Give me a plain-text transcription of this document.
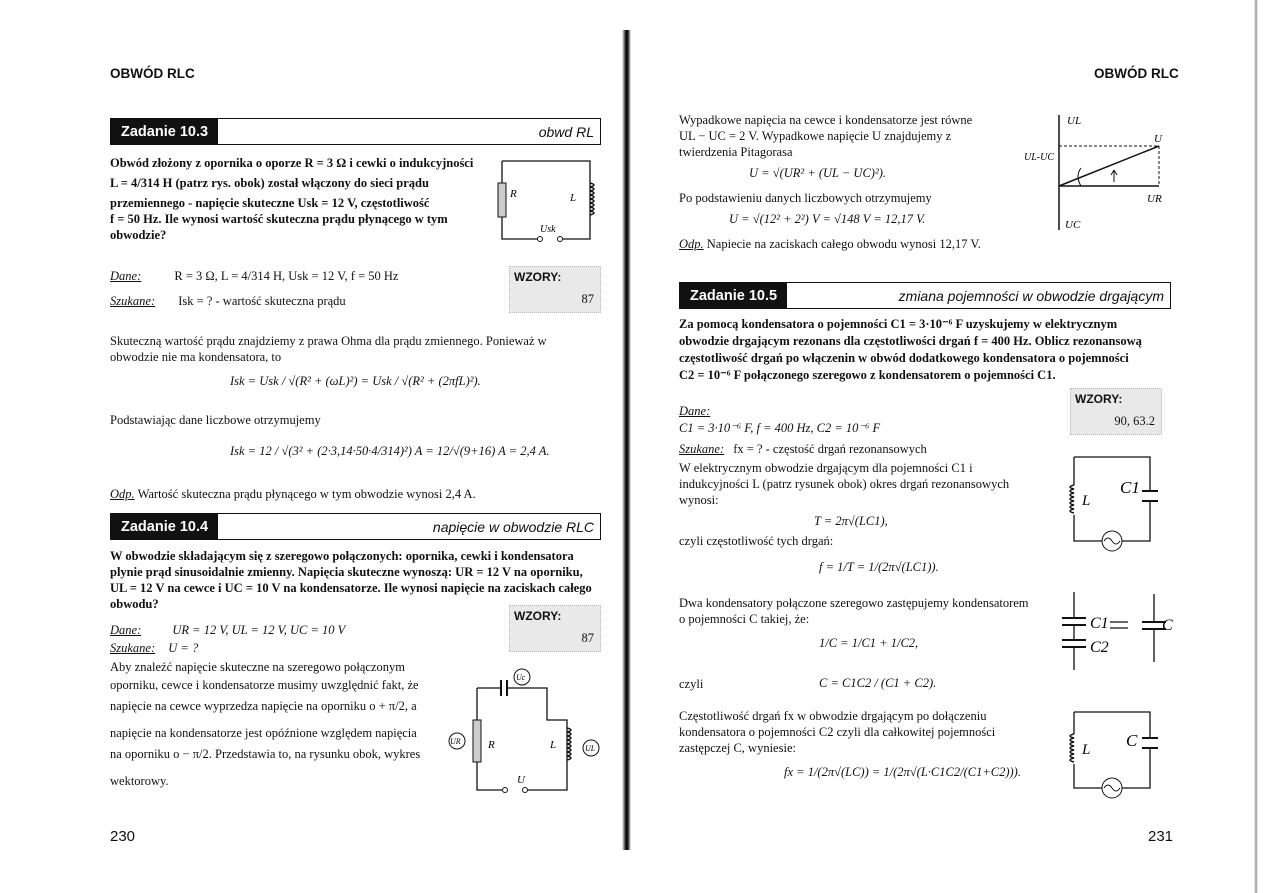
OBWÓD RLC
230
Zadanie 10.3	obwd RL
Obwód złożony z opornika o oporze R = 3 Ω i cewki o indukcyjności
L = 4/314 H (patrz rys. obok) został włączony do sieci prądu
przemiennego - napięcie skuteczne Usk = 12 V, częstotliwość
f = 50 Hz. Ile wynosi wartość skuteczna prądu płynącego w tym
obwodzie?
R	L
Usk
Dane:	R = 3 Ω, L = 4/314 H, Usk = 12 V, f = 50 Hz
Szukane: Isk = ? - wartość skuteczna prądu
WZORY:
87
Skuteczną wartość prądu znajdziemy z prawa Ohma dla prądu zmiennego. Ponieważ w
obwodzie nie ma kondensatora, to
Isk = Usk / √(R² + (ωL)²) = Usk / √(R² + (2πfL)²).
Podstawiając dane liczbowe otrzymujemy
Isk = 12 / √(3² + (2·3,14·50·4/314)²) A = 12/√(9+16) A = 2,4 A.
Odp. Wartość skuteczna prądu płynącego w tym obwodzie wynosi 2,4 A.
Zadanie 10.4	napięcie w obwodzie RLC
W obwodzie składającym się z szeregowo połączonych: opornika, cewki i kondensatora
plynie prąd sinusoidalnie zmienny. Napięcia skuteczne wynoszą: UR = 12 V na oporniku,
UL = 12 V na cewce i UC = 10 V na kondensatorze. Ile wynosi napięcie na zaciskach całego
obwodu?
WZORY:
87
Dane: UR = 12 V, UL = 12 V, UC = 10 V
Szukane: U = ?
Aby znaleźć napięcie skuteczne na szeregowo połączonym
oporniku, cewce i kondensatorze musimy uwzględnić fakt, że
napięcie na cewce wyprzedza napięcie na oporniku o + π/2, a
napięcie na kondensatorze jest opóźnione względem napięcia
na oporniku o − π/2. Przedstawia to, na rysunku obok, wykres
wektorowy.
Uc
UR
UL
R	L
U
OBWÓD RLC
231
Wypadkowe napięcia na cewce i kondensatorze jest równe
UL − UC = 2 V. Wypadkowe napięcie U znajdujemy z
twierdzenia Pitagorasa
U = √(UR² + (UL − UC)²).
Po podstawieniu danych liczbowych otrzymujemy
U = √(12² + 2²) V = √148 V = 12,17 V.
Odp. Napiecie na zaciskach całego obwodu wynosi 12,17 V.
UL
U
UL-UC
UR
UC
Zadanie 10.5	zmiana pojemności w obwodzie drgającym
Za pomocą kondensatora o pojemności C1 = 3·10⁻⁶ F uzyskujemy w elektrycznym
obwodzie drgającym rezonans dla częstotliwości drgań f = 400 Hz. Oblicz rezonansową
częstotliwość drgań po włączenin w obwód dodatkowego kondensatora o pojemności
C2 = 10⁻⁶ F połączonego szeregowo z kondensatorem o pojemności C1.
WZORY:
90, 63.2
Dane:
C1 = 3·10⁻⁶ F, f = 400 Hz, C2 = 10⁻⁶ F
Szukane: fx = ? - częstość drgań rezonansowych
W elektrycznym obwodzie drgającym dla pojemności C1 i
indukcyjności L (patrz rysunek obok) okres drgań rezonansowych
wynosi:	L
C1
T = 2π√(LC1),
czyli częstotliwość tych drgań:
f = 1/T = 1/(2π√(LC1)).
Dwa kondensatory połączone szeregowo zastępujemy kondensatorem
o pojemności C takiej, że:
1/C = 1/C1 + 1/C2,
czyli	C = C1C2 / (C1 + C2).
C1
C2
C
Częstotliwość drgań fx w obwodzie drgającym po dołączeniu
kondensatora o pojemności C2 czyli dla całkowitej pojemności
zastępczej C, wyniesie:
fx = 1/(2π√(LC)) = 1/(2π√(L·C1C2/(C1+C2))).
L C
